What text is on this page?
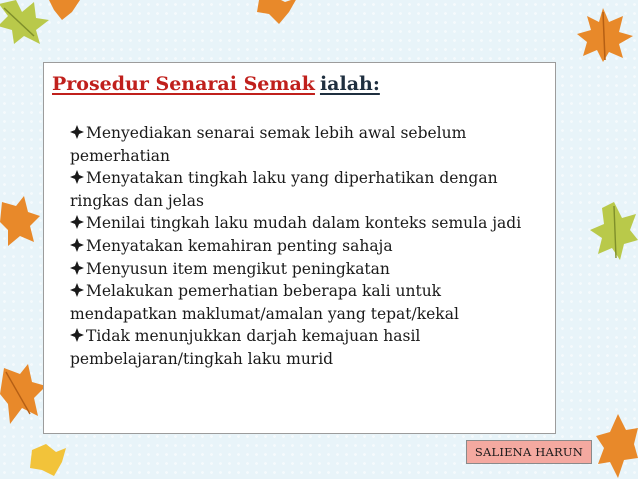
Prosedur Senarai Semak ialah:
Menyediakan senarai semak lebih awal sebelum pemerhatian
Menyatakan tingkah laku yang diperhatikan dengan ringkas dan jelas
Menilai tingkah laku mudah dalam konteks semula jadi
Menyatakan kemahiran penting sahaja
Menyusun item mengikut peningkatan
Melakukan pemerhatian beberapa kali untuk mendapatkan maklumat/amalan yang tepat/kekal
Tidak menunjukkan darjah kemajuan hasil pembelajaran/tingkah laku murid
SALIENA HARUN
